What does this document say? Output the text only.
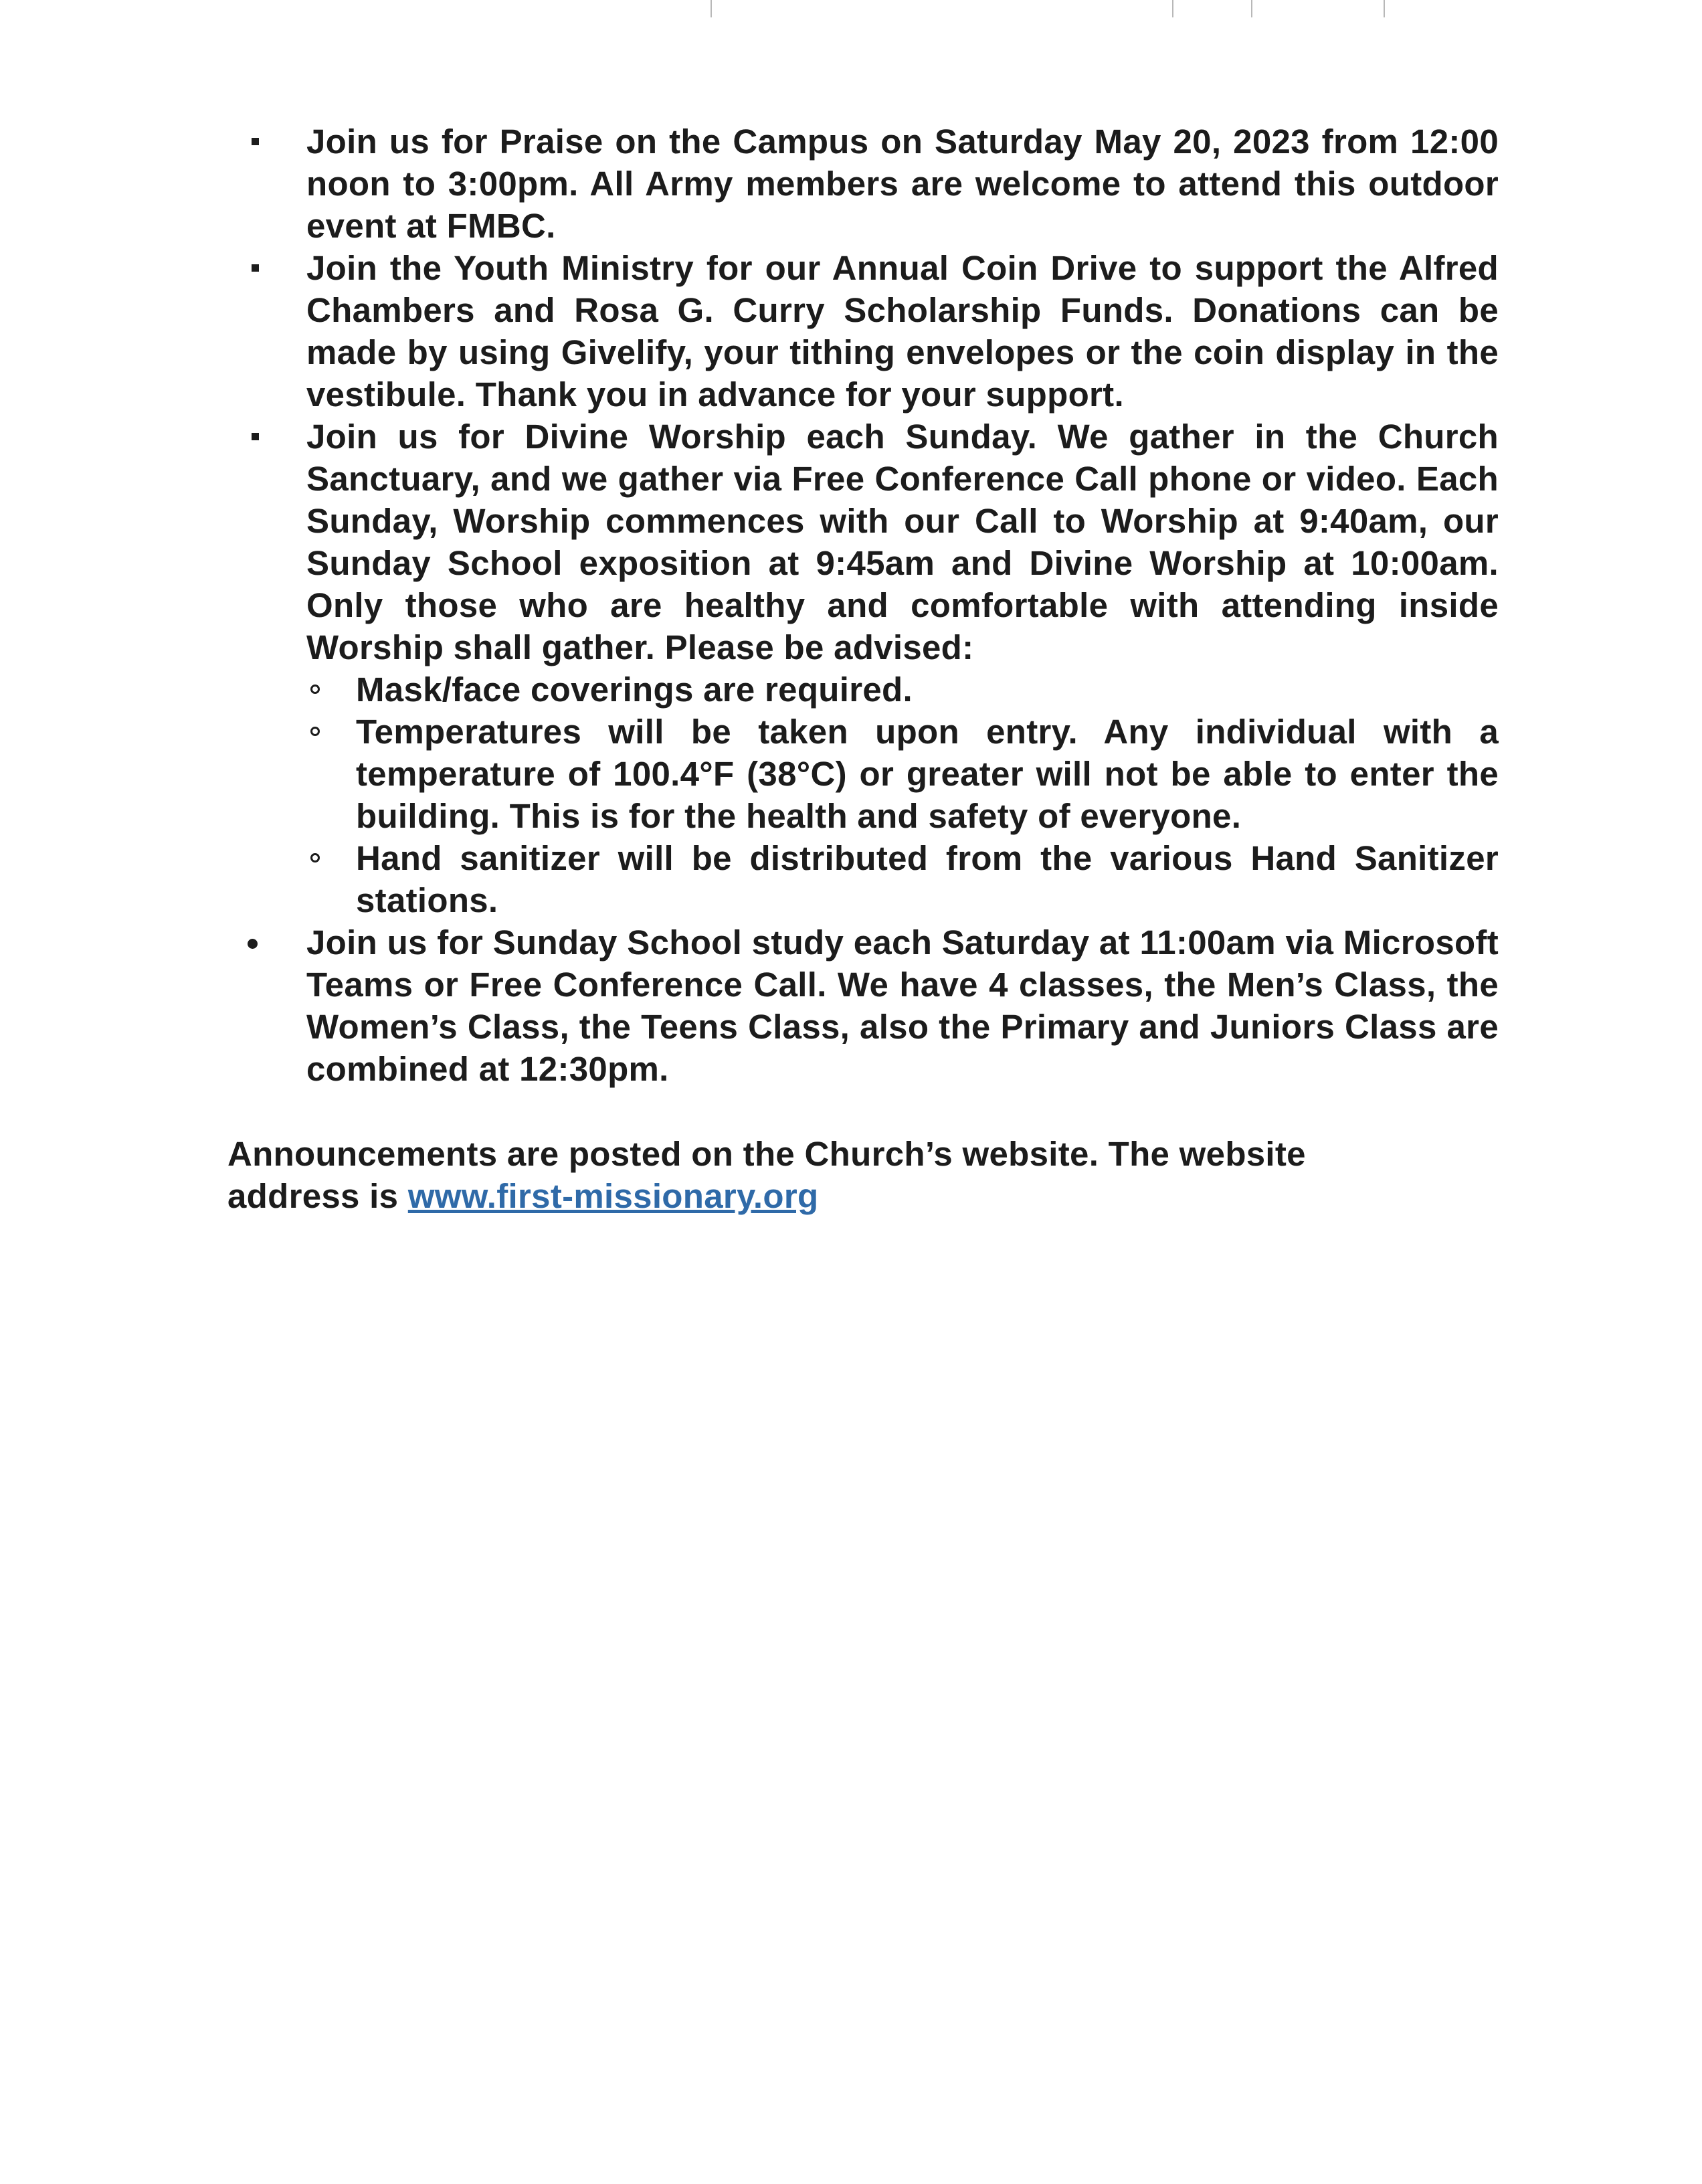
Join us for Praise on the Campus on Saturday May 20, 2023 from 12:00 noon to 3:00pm. All Army members are welcome to attend this outdoor event at FMBC.
Join the Youth Ministry for our Annual Coin Drive to support the Alfred Chambers and Rosa G. Curry Scholarship Funds. Donations can be made by using Givelify, your tithing envelopes or the coin display in the vestibule. Thank you in advance for your support.
Join us for Divine Worship each Sunday. We gather in the Church Sanctuary, and we gather via Free Conference Call phone or video. Each Sunday, Worship commences with our Call to Worship at 9:40am, our Sunday School exposition at 9:45am and Divine Worship at 10:00am. Only those who are healthy and comfortable with attending inside Worship shall gather. Please be advised:
Mask/face coverings are required.
Temperatures will be taken upon entry. Any individual with a temperature of 100.4°F (38°C) or greater will not be able to enter the building. This is for the health and safety of everyone.
Hand sanitizer will be distributed from the various Hand Sanitizer stations.
Join us for Sunday School study each Saturday at 11:00am via Microsoft Teams or Free Conference Call. We have 4 classes, the Men’s Class, the Women’s Class, the Teens Class, also the Primary and Juniors Class are combined at 12:30pm.
Announcements are posted on the Church’s website. The website address is www.first-missionary.org
